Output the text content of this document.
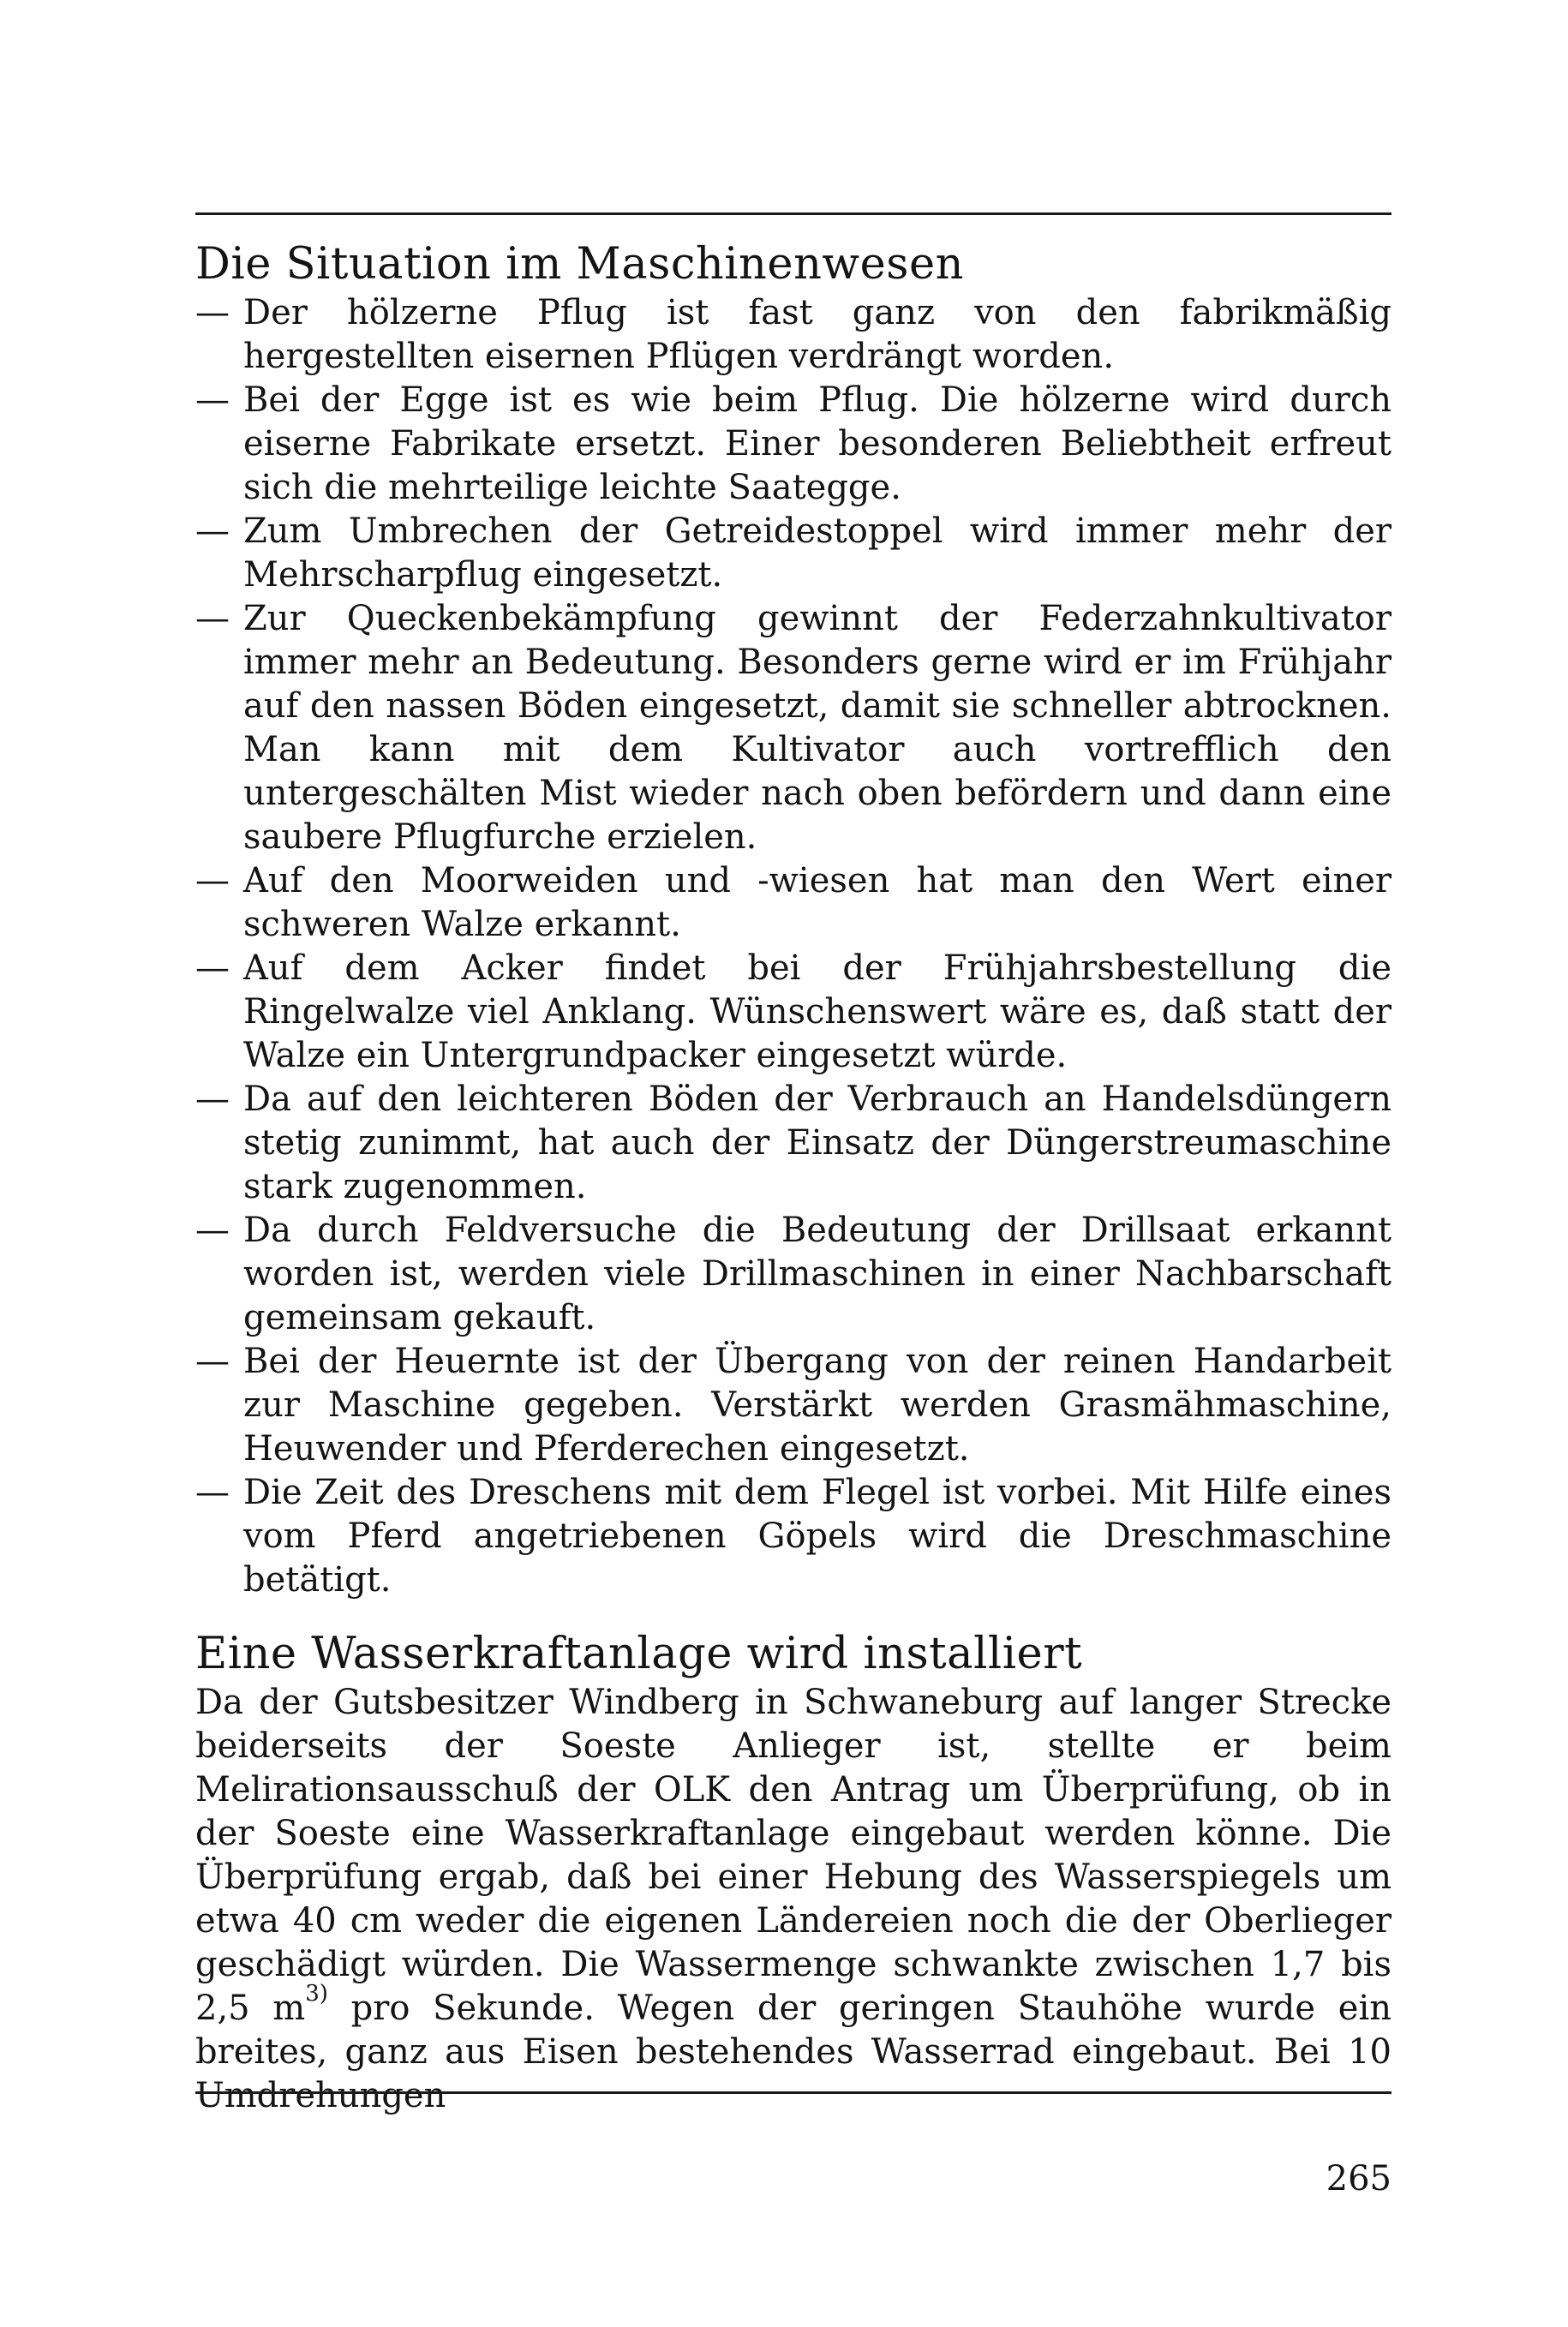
Die Situation im Maschinenwesen
— Der hölzerne Pflug ist fast ganz von den fabrikmäßig hergestellten eisernen Pflügen verdrängt worden.
— Bei der Egge ist es wie beim Pflug. Die hölzerne wird durch eiserne Fabrikate ersetzt. Einer besonderen Beliebtheit erfreut sich die mehrteilige leichte Saategge.
— Zum Umbrechen der Getreidestoppel wird immer mehr der Mehrscharpflug eingesetzt.
— Zur Queckenbekämpfung gewinnt der Federzahnkultivator immer mehr an Bedeutung. Besonders gerne wird er im Frühjahr auf den nassen Böden eingesetzt, damit sie schneller abtrocknen. Man kann mit dem Kultivator auch vortrefflich den untergeschälten Mist wieder nach oben befördern und dann eine saubere Pflugfurche erzielen.
— Auf den Moorweiden und -wiesen hat man den Wert einer schweren Walze erkannt.
— Auf dem Acker findet bei der Frühjahrsbestellung die Ringelwalze viel Anklang. Wünschenswert wäre es, daß statt der Walze ein Untergrundpacker eingesetzt würde.
— Da auf den leichteren Böden der Verbrauch an Handelsdüngern stetig zunimmt, hat auch der Einsatz der Düngerstreumaschine stark zugenommen.
— Da durch Feldversuche die Bedeutung der Drillsaat erkannt worden ist, werden viele Drillmaschinen in einer Nachbarschaft gemeinsam gekauft.
— Bei der Heuernte ist der Übergang von der reinen Handarbeit zur Maschine gegeben. Verstärkt werden Grasmähmaschine, Heuwender und Pferderechen eingesetzt.
— Die Zeit des Dreschens mit dem Flegel ist vorbei. Mit Hilfe eines vom Pferd angetriebenen Göpels wird die Dreschmaschine betätigt.
Eine Wasserkraftanlage wird installiert

Da der Gutsbesitzer Windberg in Schwaneburg auf langer Strecke beiderseits der Soeste Anlieger ist, stellte er beim Melirationsausschuß der OLK den Antrag um Überprüfung, ob in der Soeste eine Wasserkraftanlage eingebaut werden könne. Die Überprüfung ergab, daß bei einer Hebung des Wasserspiegels um etwa 40 cm weder die eigenen Ländereien noch die der Oberlieger geschädigt würden. Die Wassermenge schwankte zwischen 1,7 bis 2,5 $m^{3)}$ pro Sekunde. Wegen der geringen Stauhöhe wurde ein breites, ganz aus Eisen bestehendes Wasserrad eingebaut. Bei 10 Umdrehungen

265
